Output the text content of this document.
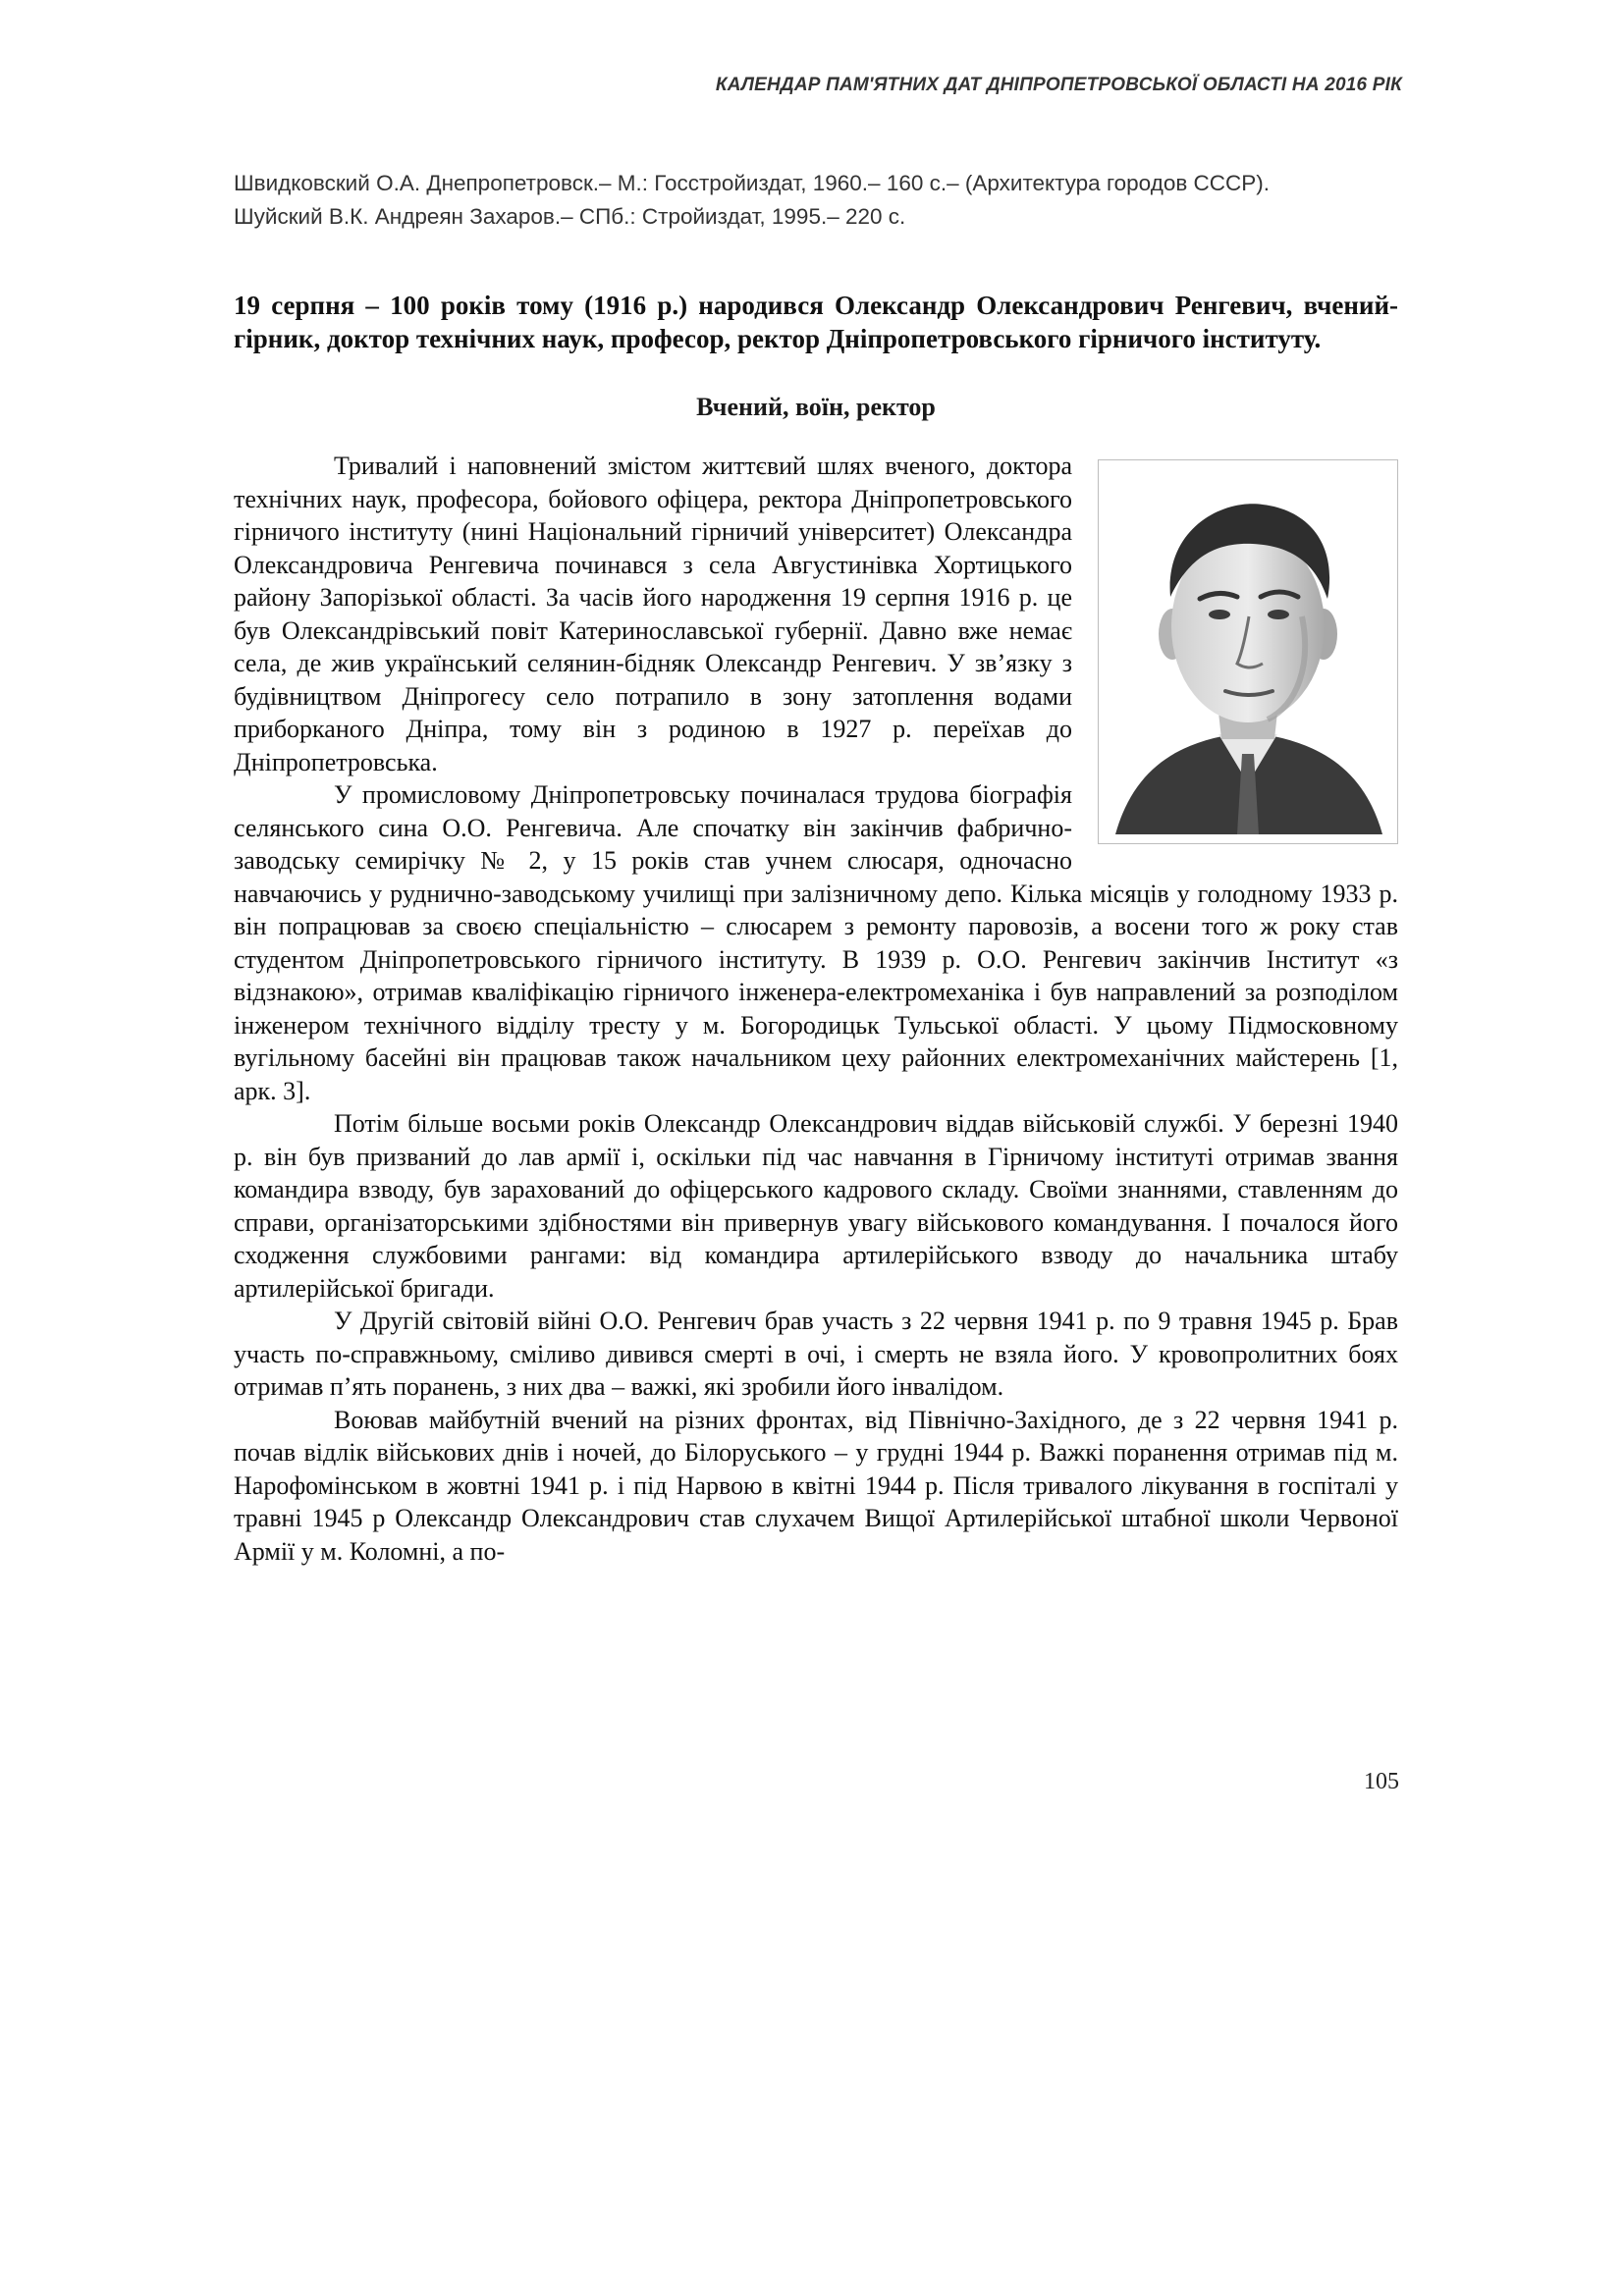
КАЛЕНДАР ПАМ'ЯТНИХ ДАТ ДНІПРОПЕТРОВСЬКОЇ ОБЛАСТІ НА 2016 РІК

Швидковский О.А. Днепропетровск.– М.: Госстройиздат, 1960.– 160 с.– (Архитектура городов СССР).

Шуйский В.К. Андреян Захаров.– СПб.: Стройиздат, 1995.– 220 с.

19 серпня – 100 років тому (1916 р.) народився Олександр Олександрович Ренгевич, вчений-гірник, доктор технічних наук, професор, ректор Дніпропетровського гірничого інституту.
Вчений, воїн, ректор

Тривалий і наповнений змістом життєвий шлях вченого, доктора технічних наук, професора, бойового офіцера, ректора Дніпропетровського гірничого інституту (нині Національний гірничий університет) Олександра Олександровича Ренгевича починався з села Августинівка Хортицького району Запорізької області. За часів його народження 19 серпня 1916 р. це був Олександрівський повіт Катеринославської губернії. Давно вже немає села, де жив український селянин-бідняк Олександр Ренгевич. У зв’язку з будівництвом Дніпрогесу село потрапило в зону затоплення водами приборканого Дніпра, тому він з родиною в 1927 р. переїхав до Дніпропетровська.

У промисловому Дніпропетровську починалася трудова біографія селянського сина О.О. Ренгевича. Але спочатку він закінчив фабрично-заводську семирічку № 2, у 15 років став учнем слюсаря, одночасно навчаючись у руднично-заводському училищі при залізничному депо. Кілька місяців у голодному 1933 р. він попрацював за своєю спеціальністю – слюсарем з ремонту паровозів, а восени того ж року став студентом Дніпропетровського гірничого інституту. В 1939 р. О.О. Ренгевич закінчив Інститут «з відзнакою», отримав кваліфікацію гірничого інженера-електромеханіка і був направлений за розподілом інженером технічного відділу тресту у м. Богородицьк Тульської області. У цьому Підмосковному вугільному басейні він працював також начальником цеху районних електромеханічних майстерень [1, арк. 3].

Потім більше восьми років Олександр Олександрович віддав військовій службі. У березні 1940 р. він був призваний до лав армії і, оскільки під час навчання в Гірничому інституті отримав звання командира взводу, був зарахований до офіцерського кадрового складу. Своїми знаннями, ставленням до справи, організаторськими здібностями він привернув увагу військового командування. І почалося його сходження службовими рангами: від командира артилерійського взводу до начальника штабу артилерійської бригади.

У Другій світовій війні О.О. Ренгевич брав участь з 22 червня 1941 р. по 9 травня 1945 р. Брав участь по-справжньому, сміливо дивився смерті в очі, і смерть не взяла його. У кровопролитних боях отримав п’ять поранень, з них два – важкі, які зробили його інвалідом.

Воював майбутній вчений на різних фронтах, від Північно-Західного, де з 22 червня 1941 р. почав відлік військових днів і ночей, до Білоруського – у грудні 1944 р. Важкі поранення отримав під м. Нарофомінськом в жовтні 1941 р. і під Нарвою в квітні 1944 р. Після тривалого лікування в госпіталі у травні 1945 р Олександр Олександрович став слухачем Вищої Артилерійської штабної школи Червоної Армії у м. Коломні, а по-

105
